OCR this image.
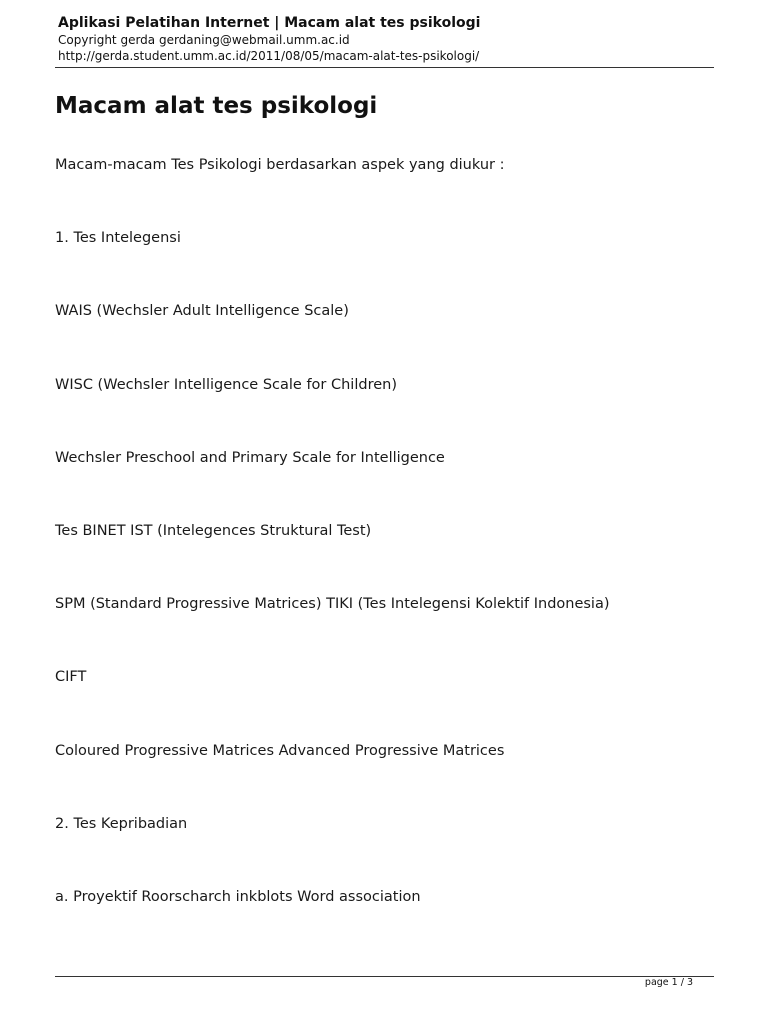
Aplikasi Pelatihan Internet | Macam alat tes psikologi
Copyright gerda gerdaning@webmail.umm.ac.id
http://gerda.student.umm.ac.id/2011/08/05/macam-alat-tes-psikologi/
Macam alat tes psikologi
Macam-macam Tes Psikologi berdasarkan aspek yang diukur :
1. Tes Intelegensi
WAIS (Wechsler Adult Intelligence Scale)
WISC (Wechsler Intelligence Scale for Children)
Wechsler Preschool and Primary Scale for Intelligence
Tes BINET IST (Intelegences Struktural Test)
SPM (Standard Progressive Matrices) TIKI (Tes Intelegensi Kolektif Indonesia)
CIFT
Coloured Progressive Matrices Advanced Progressive Matrices
2. Tes Kepribadian
a. Proyektif Roorscharch inkblots Word association
page 1 / 3
